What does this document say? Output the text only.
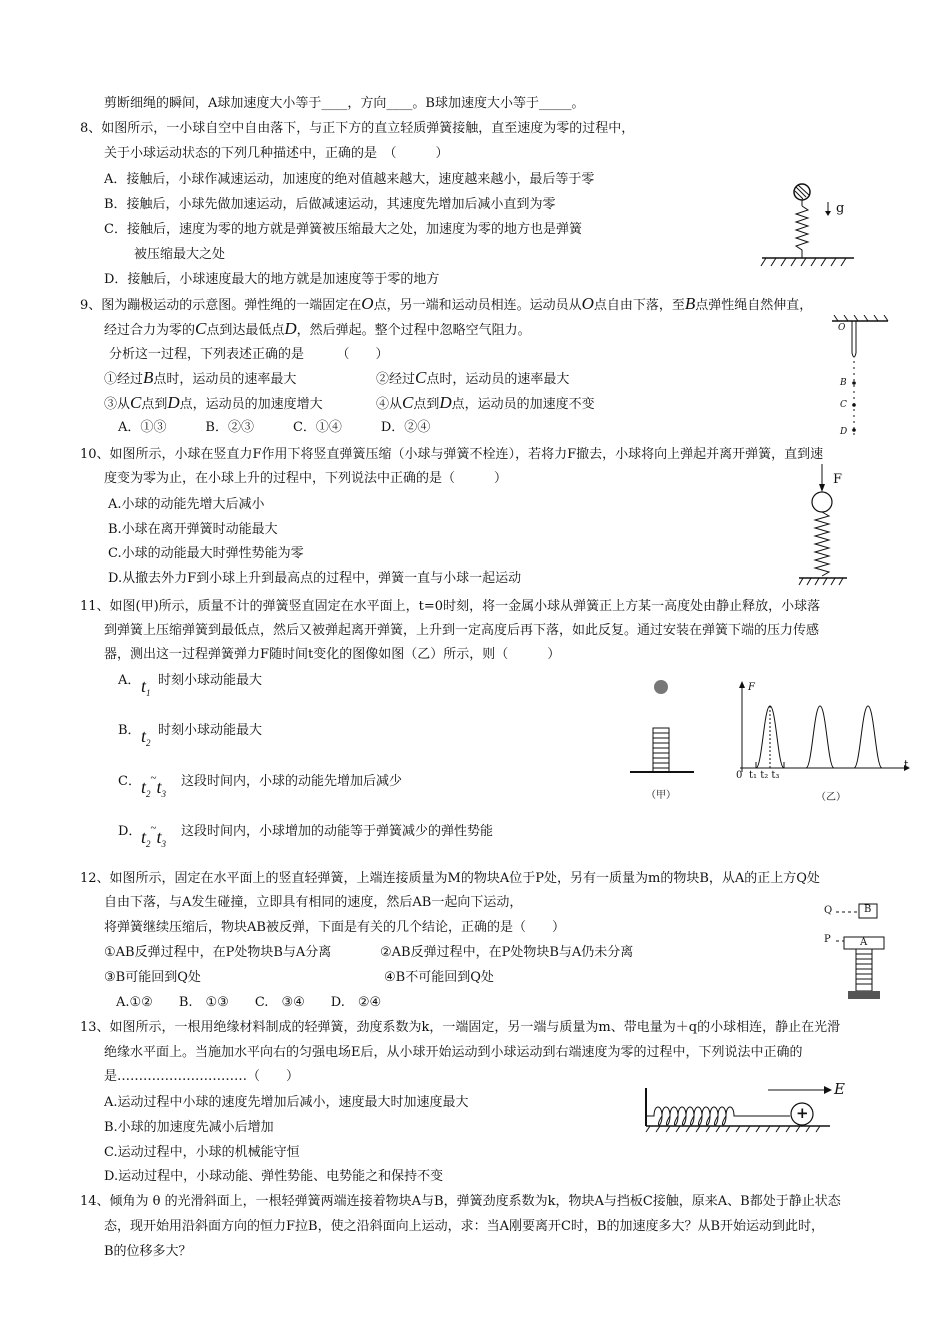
剪断细绳的瞬间，A球加速度大小等于____，方向____。B球加速度大小等于_____。
8、如图所示，一小球自空中自由落下，与正下方的直立轻质弹簧接触，直至速度为零的过程中，
关于小球运动状态的下列几种描述中，正确的是　（　　　）
A．接触后，小球作减速运动，加速度的绝对值越来越大，速度越来越小，最后等于零
B．接触后，小球先做加速运动，后做减速运动，其速度先增加后减小直到为零
C．接触后，速度为零的地方就是弹簧被压缩最大之处，加速度为零的地方也是弹簧
被压缩最大之处
D．接触后，小球速度最大的地方就是加速度等于零的地方
g
9、图为蹦极运动的示意图。弹性绳的一端固定在O点，另一端和运动员相连。运动员从O点自由下落，至B点弹性绳自然伸直，
经过合力为零的C点到达最低点D，然后弹起。整个过程中忽略空气阻力。
分析这一过程，下列表述正确的是　　　（　　）
①经过B点时，运动员的速率最大	②经过C点时，运动员的速率最大
③从C点到D点，运动员的加速度增大	④从C点到D点，运动员的加速度不变
A．①③　　　B．②③　　　C．①④　　　D．②④
O
B
C
D
10、如图所示，小球在竖直力F作用下将竖直弹簧压缩（小球与弹簧不栓连），若将力F撤去，小球将向上弹起并离开弹簧，直到速
度变为零为止，在小球上升的过程中，下列说法中正确的是（　　　）
A.小球的动能先增大后减小
B.小球在离开弹簧时动能最大
C.小球的动能最大时弹性势能为零
D.从撤去外力F到小球上升到最高点的过程中，弹簧一直与小球一起运动
F
11、如图(甲)所示，质量不计的弹簧竖直固定在水平面上，t=0时刻，将一金属小球从弹簧正上方某一高度处由静止释放，小球落
到弹簧上压缩弹簧到最低点，然后又被弹起离开弹簧，上升到一定高度后再下落，如此反复。通过安装在弹簧下端的压力传感
器，测出这一过程弹簧弹力F随时间t变化的图像如图（乙）所示，则（　　　）
A． $t_1$
时刻小球动能最大
B． $t_2$
时刻小球动能最大
C． $t_2^\sim t_3$
这段时间内，小球的动能先增加后减少
D． $t_2^\sim t_3$
这段时间内，小球增加的动能等于弹簧减少的弹性势能
（甲）
F
t
0 t₁ t₂ t₃
（乙）
12、如图所示，固定在水平面上的竖直轻弹簧，上端连接质量为M的物块A位于P处，另有一质量为m的物块B，从A的正上方Q处
自由下落，与A发生碰撞，立即具有相同的速度，然后AB一起向下运动，
将弹簧继续压缩后，物块AB被反弹，下面是有关的几个结论，正确的是（　　）
①AB反弹过程中，在P处物块B与A分离	②AB反弹过程中，在P处物块B与A仍未分离
③B可能回到Q处	④B不可能回到Q处
A.①②　　B.　①③　　C.　③④　　D.　②④
Q
P	A
B
13、如图所示，一根用绝缘材料制成的轻弹簧，劲度系数为k，一端固定，另一端与质量为m、带电量为＋q的小球相连，静止在光滑
绝缘水平面上。当施加水平向右的匀强电场E后，从小球开始运动到小球运动到右端速度为零的过程中，下列说法中正确的
是…………………………（　　）
A.运动过程中小球的速度先增加后减小，速度最大时加速度最大
B.小球的加速度先减小后增加
C.运动过程中，小球的机械能守恒
D.运动过程中，小球动能、弹性势能、电势能之和保持不变
E
+
14、倾角为 θ 的光滑斜面上，一根轻弹簧两端连接着物块A与B，弹簧劲度系数为k，物块A与挡板C接触，原来A、B都处于静止状态
态，现开始用沿斜面方向的恒力F拉B，使之沿斜面向上运动，求：当A刚要离开C时，B的加速度多大？从B开始运动到此时，
B的位移多大？
